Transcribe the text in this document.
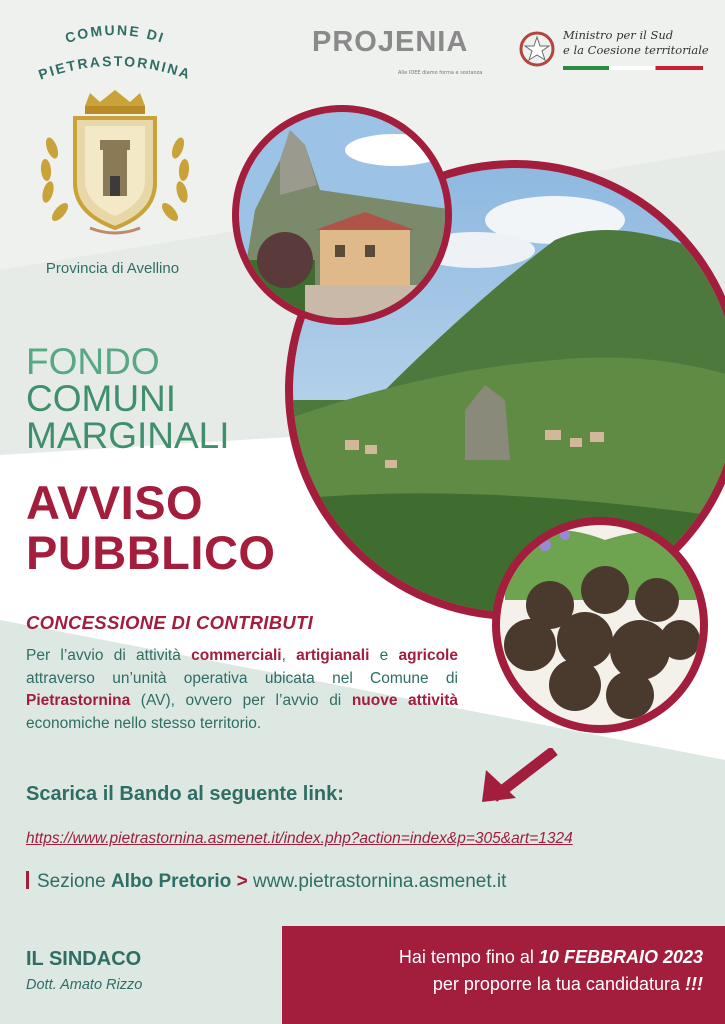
COMUNE DI
PIETRASTORNINA
Provincia di Avellino
PROJENIA
Alle IDEE diamo forma e sostanza
Ministro per il Sud
e la Coesione territoriale
FONDO
COMUNI
MARGINALI
AVVISO
PUBBLICO
CONCESSIONE DI CONTRIBUTI
Per l’avvio di attività commerciali, artigianali e agricole attraverso un’unità operativa ubicata nel Comune di Pietrastornina (AV), ovvero per l’avvio di nuove attività economiche nello stesso territorio.
Scarica il Bando al seguente link:
https://www.pietrastornina.asmenet.it/index.php?action=index&p=305&art=1324
Sezione Albo Pretorio > www.pietrastornina.asmenet.it
IL SINDACO
Dott. Amato Rizzo
Hai tempo fino al 10 FEBBRAIO 2023
per proporre la tua candidatura !!!
